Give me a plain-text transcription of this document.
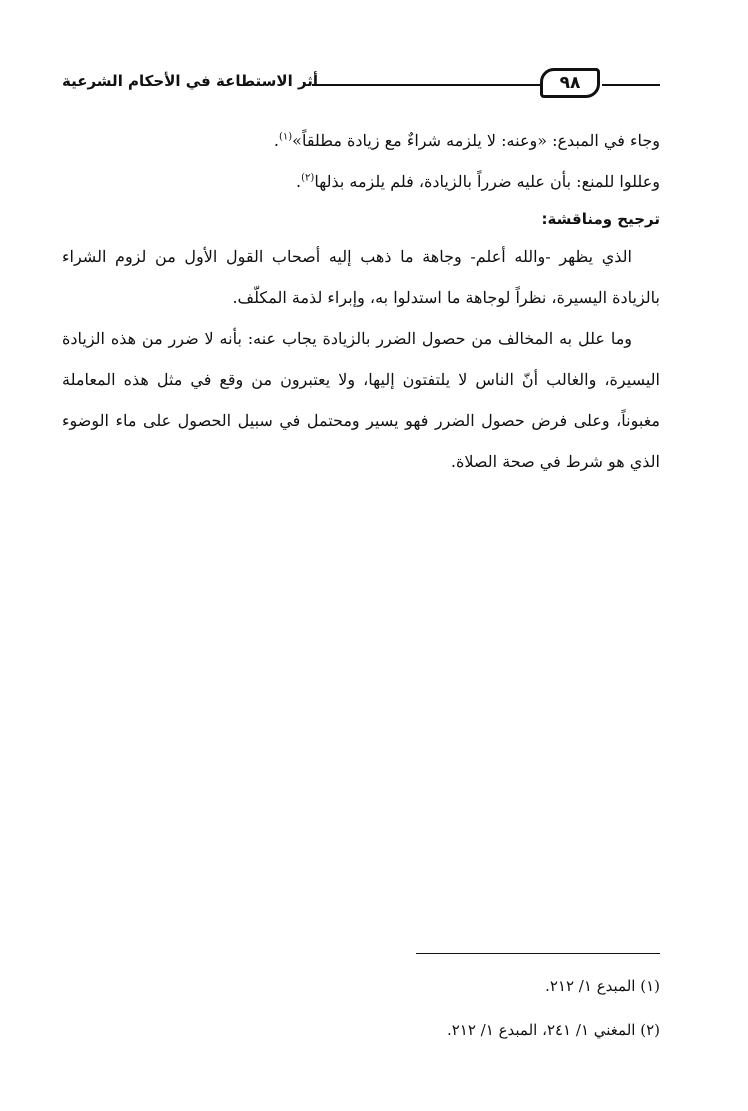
أثر الاستطاعة في الأحكام الشرعية	٩٨

وجاء في المبدع: «وعنه: لا يلزمه شراءٌ مع زيادة مطلقاً»$^{(١)}$.

وعللوا للمنع: بأن عليه ضرراً بالزيادة، فلم يلزمه بذلها$^{(٢)}$.

ترجيح ومناقشة:

الذي يظهر -والله أعلم- وجاهة ما ذهب إليه أصحاب القول الأول من لزوم الشراء بالزيادة اليسيرة، نظراً لوجاهة ما استدلوا به، وإبراء لذمة المكلّف.

وما علل به المخالف من حصول الضرر بالزيادة يجاب عنه: بأنه لا ضرر من هذه الزيادة اليسيرة، والغالب أنّ الناس لا يلتفتون إليها، ولا يعتبرون من وقع في مثل هذه المعاملة مغبوناً، وعلى فرض حصول الضرر فهو يسير ومحتمل في سبيل الحصول على ماء الوضوء الذي هو شرط في صحة الصلاة.

(١) المبدع ١/ ٢١٢.

(٢) المغني ١/ ٢٤١، المبدع ١/ ٢١٢.
